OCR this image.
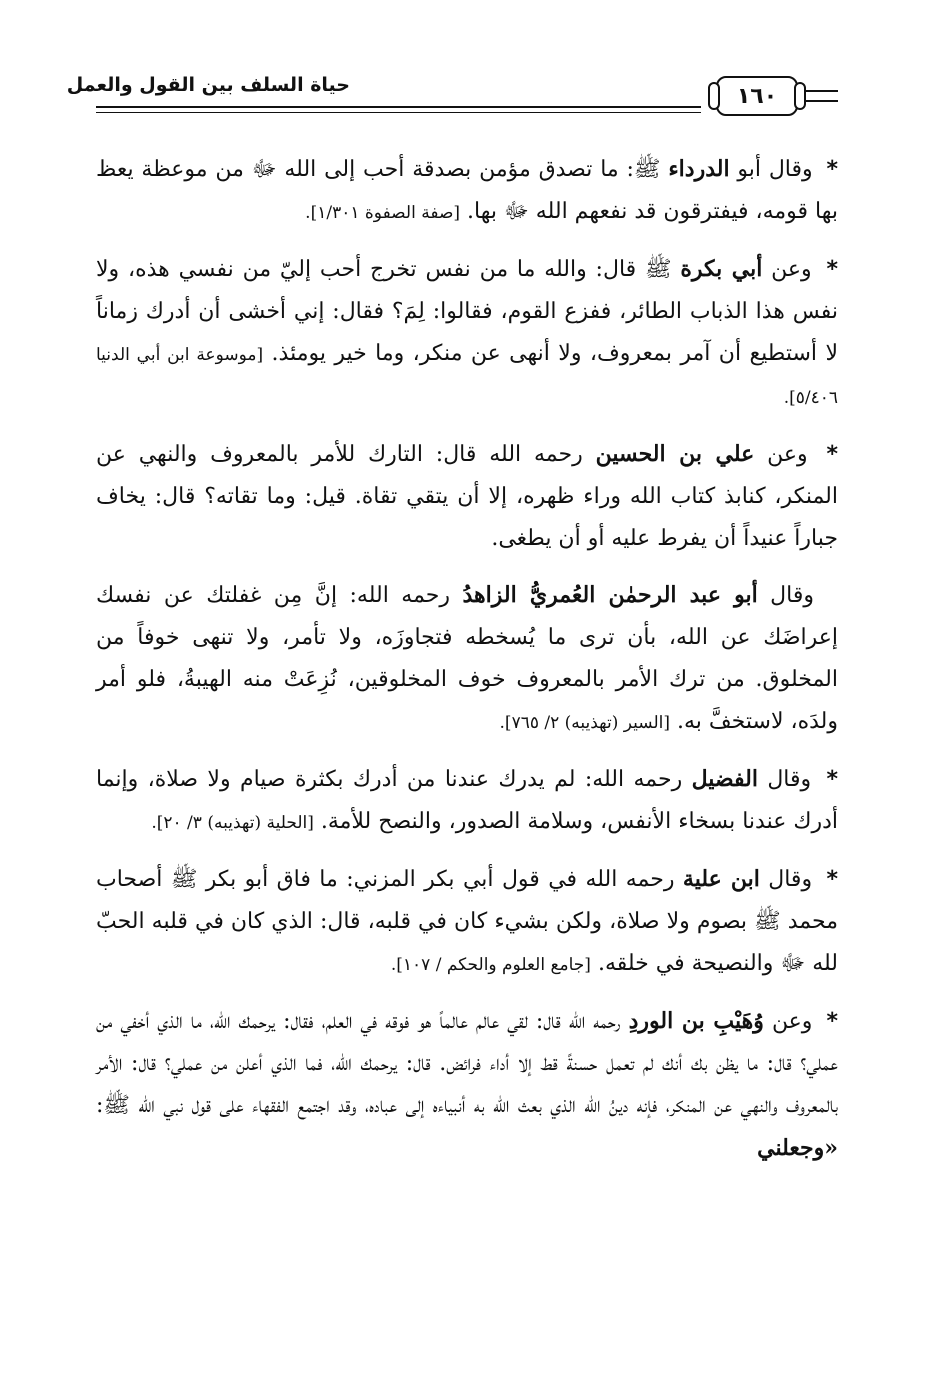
حياة السلف بين القول والعمل	١٦٠

* وقال أبو الدرداء ﷺ: ما تصدق مؤمن بصدقة أحب إلى الله ﷻ من موعظة يعظ بها قومه، فيفترقون قد نفعهم الله ﷻ بها. [صفة الصفوة ١/٣٠١].

* وعن أبي بكرة ﷺ قال: والله ما من نفس تخرج أحب إليّ من نفسي هذه، ولا نفس هذا الذباب الطائر، ففزع القوم، فقالوا: لِمَ؟ فقال: إني أخشى أن أدرك زماناً لا أستطيع أن آمر بمعروف، ولا أنهى عن منكر، وما خير يومئذ. [موسوعة ابن أبي الدنيا ٥/٤٠٦].

* وعن علي بن الحسين رحمه الله قال: التارك للأمر بالمعروف والنهي عن المنكر، كنابذ كتاب الله وراء ظهره، إلا أن يتقي تقاة. قيل: وما تقاته؟ قال: يخاف جباراً عنيداً أن يفرط عليه أو أن يطغى.

وقال أبو عبد الرحمٰن العُمريُّ الزاهدُ رحمه الله: إنَّ مِن غفلتك عن نفسك إعراضَك عن الله، بأن ترى ما يُسخطه فتجاوزَه، ولا تأمر، ولا تنهى خوفاً من المخلوق. من ترك الأمر بالمعروف خوف المخلوقين، نُزِعَتْ منه الهيبةُ، فلو أمر ولدَه، لاستخفَّ به. [السير (تهذيبه) ٢/ ٧٦٥].

* وقال الفضيل رحمه الله: لم يدرك عندنا من أدرك بكثرة صيام ولا صلاة، وإنما أدرك عندنا بسخاء الأنفس، وسلامة الصدور، والنصح للأمة. [الحلية (تهذيبه) ٣/ ٢٠].

* وقال ابن علية رحمه الله في قول أبي بكر المزني: ما فاق أبو بكر ﷺ أصحاب محمد ﷺ بصوم ولا صلاة، ولكن بشيء كان في قلبه، قال: الذي كان في قلبه الحبّ لله ﷻ والنصيحة في خلقه. [جامع العلوم والحكم / ١٠٧].

* وعن وُهَيْبِ بن الوردِ رحمه الله قال: لقي عالم عالماً هو فوقه في العلم، فقال: يرحمك الله، ما الذي أخفي من عملي؟ قال: ما يظن بك أنك لم تعمل حسنةً قط إلا أداء فرائض. قال: يرحمك الله، فما الذي أعلن من عملي؟ قال: الأمر بالمعروف والنهي عن المنكر، فإنه دينُ الله الذي بعث الله به أنبياءه إلى عباده، وقد اجتمع الفقهاء على قول نبي الله ﷺ: «وجعلني
